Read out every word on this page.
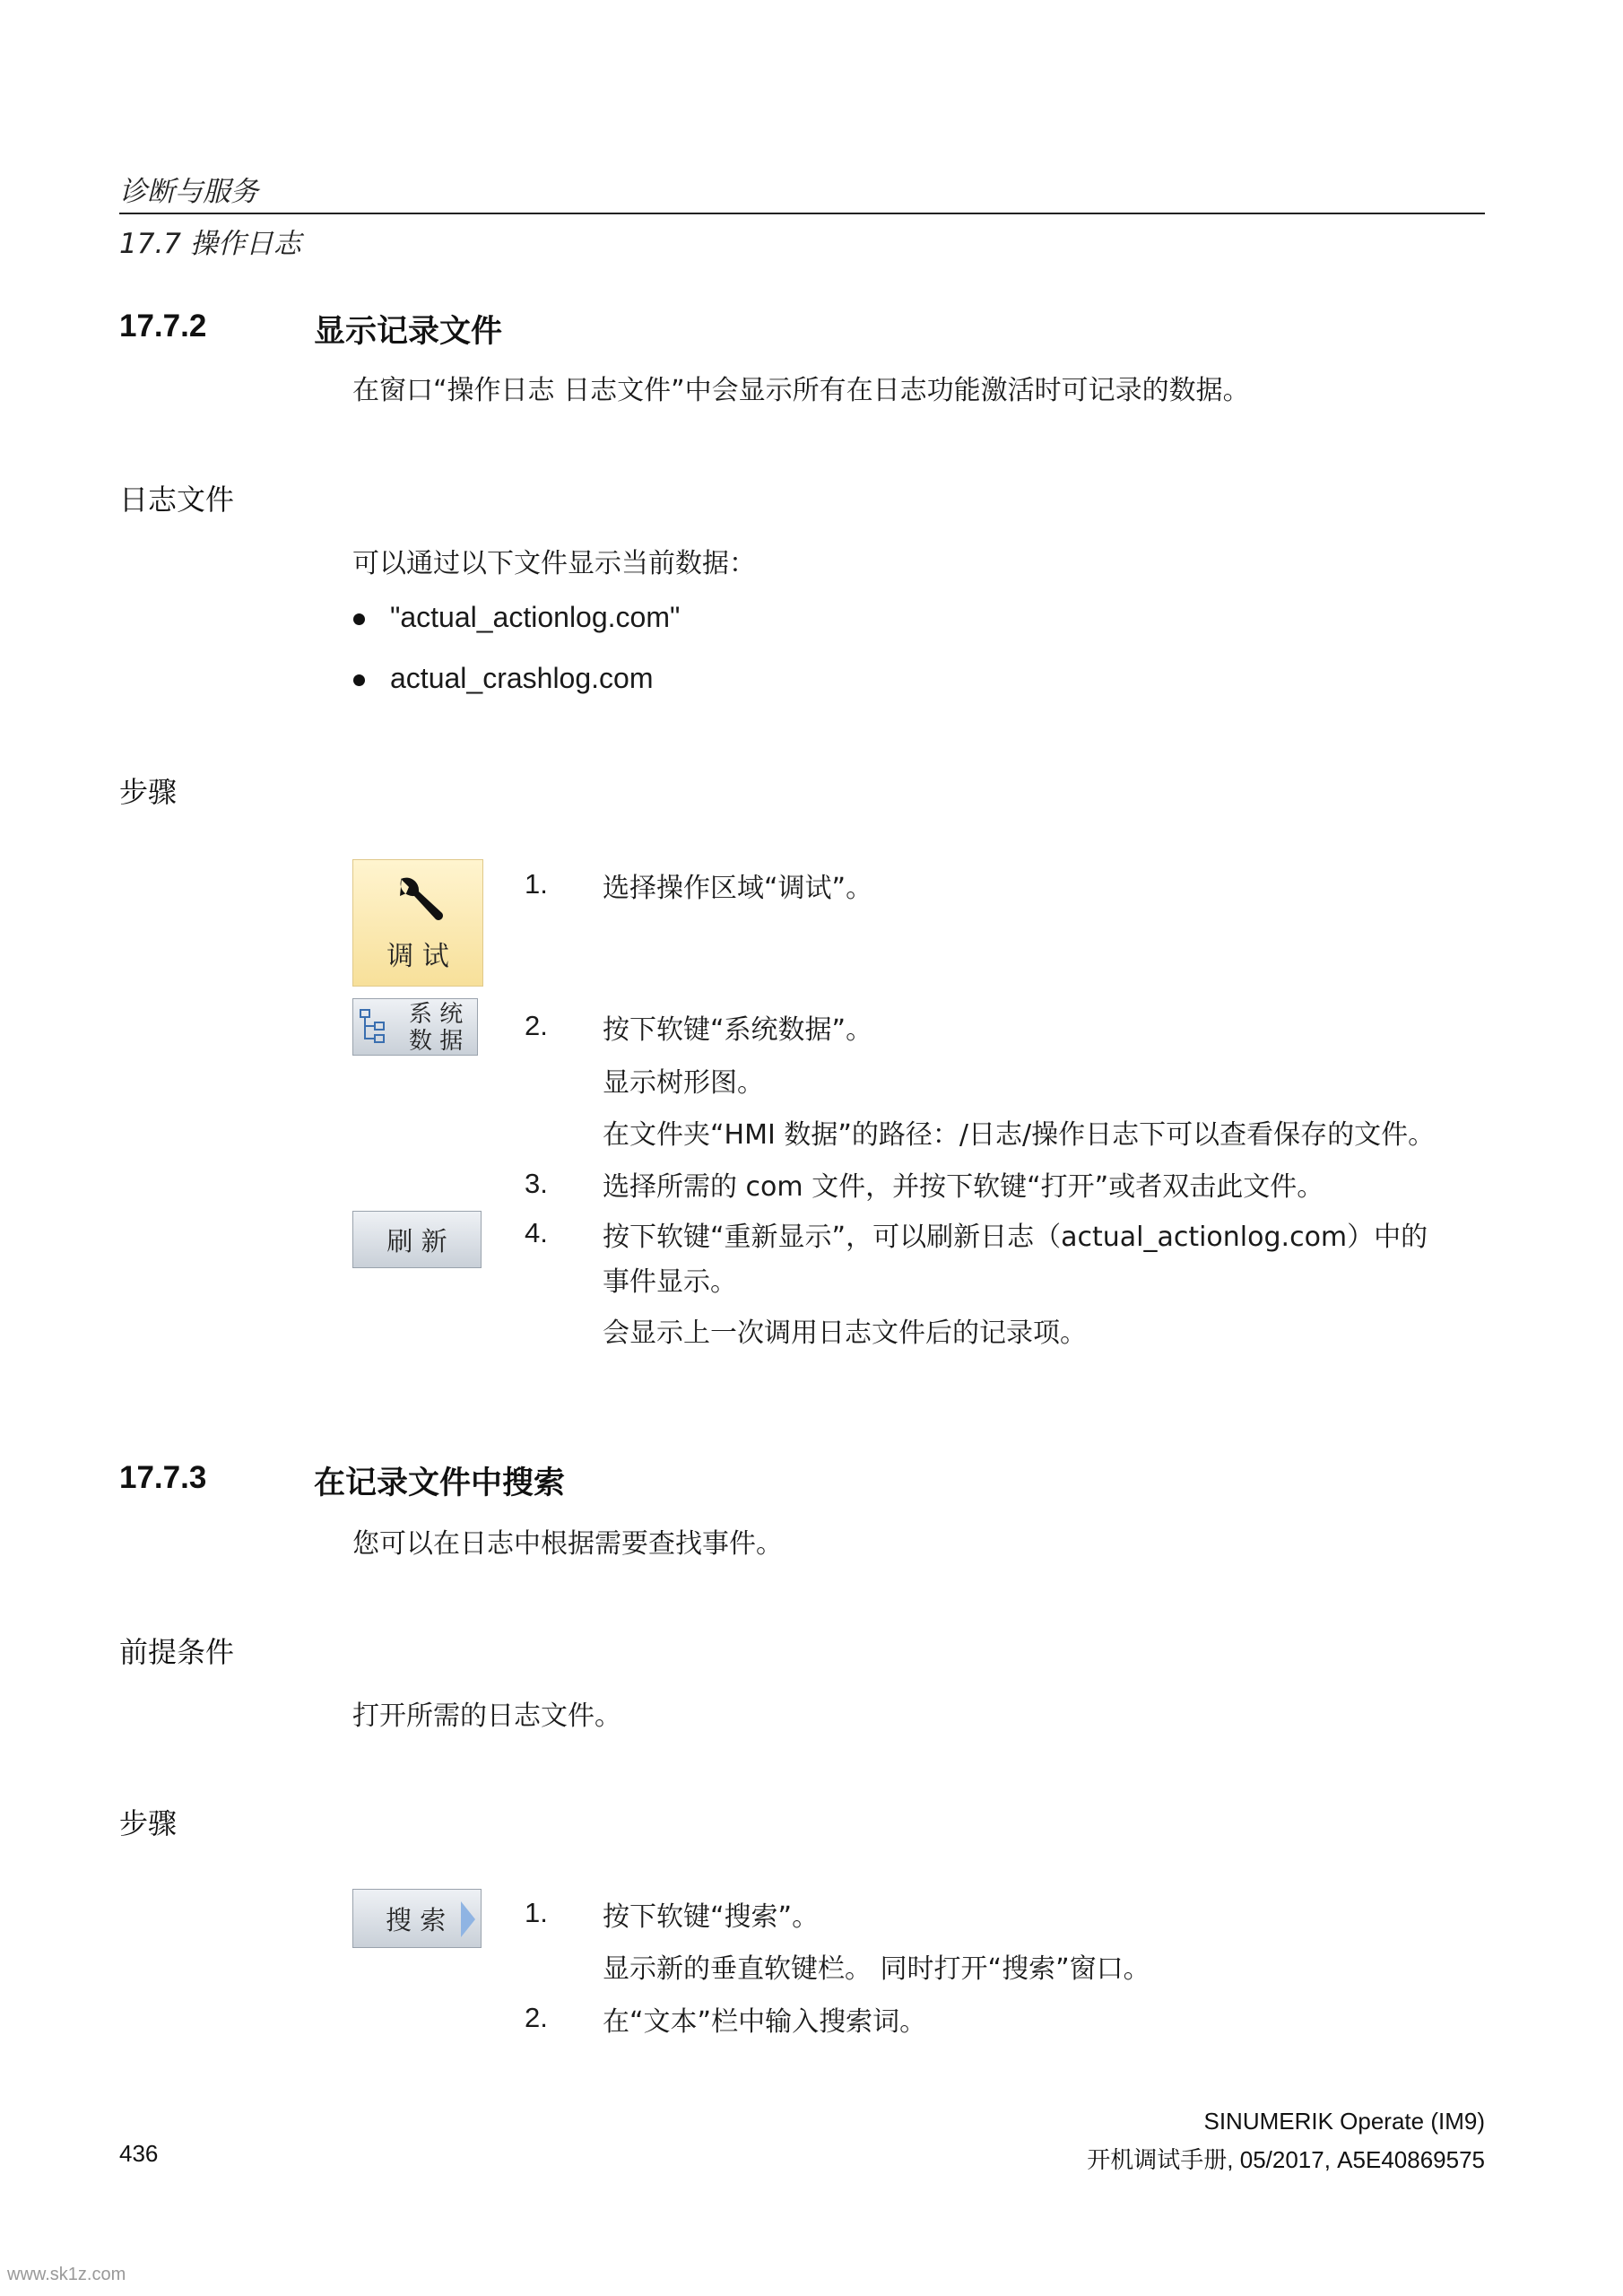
诊断与服务
17.7 操作日志
17.7.2	显示记录文件
在窗口“操作日志 日志文件”中会显示所有在日志功能激活时可记录的数据。
日志文件
可以通过以下文件显示当前数据：
"actual_actionlog.com"
actual_crashlog.com
步骤
调 试
系 统
数 据
1. 选择操作区域“调试”。
2. 按下软键“系统数据”。
显示树形图。
在文件夹“HMI 数据”的路径：/日志/操作日志下可以查看保存的文件。
3. 选择所需的 com 文件，并按下软键“打开”或者双击此文件。
刷 新	4. 按下软键“重新显示”，可以刷新日志（actual_actionlog.com）中的
事件显示。
会显示上一次调用日志文件后的记录项。
17.7.3	在记录文件中搜索
您可以在日志中根据需要查找事件。
前提条件
打开所需的日志文件。
步骤
搜 索	1. 按下软键“搜索”。
显示新的垂直软键栏。 同时打开“搜索”窗口。
2. 在“文本”栏中输入搜索词。
SINUMERIK Operate (IM9)
436	开机调试手册, 05/2017, A5E40869575
www.sk1z.com
